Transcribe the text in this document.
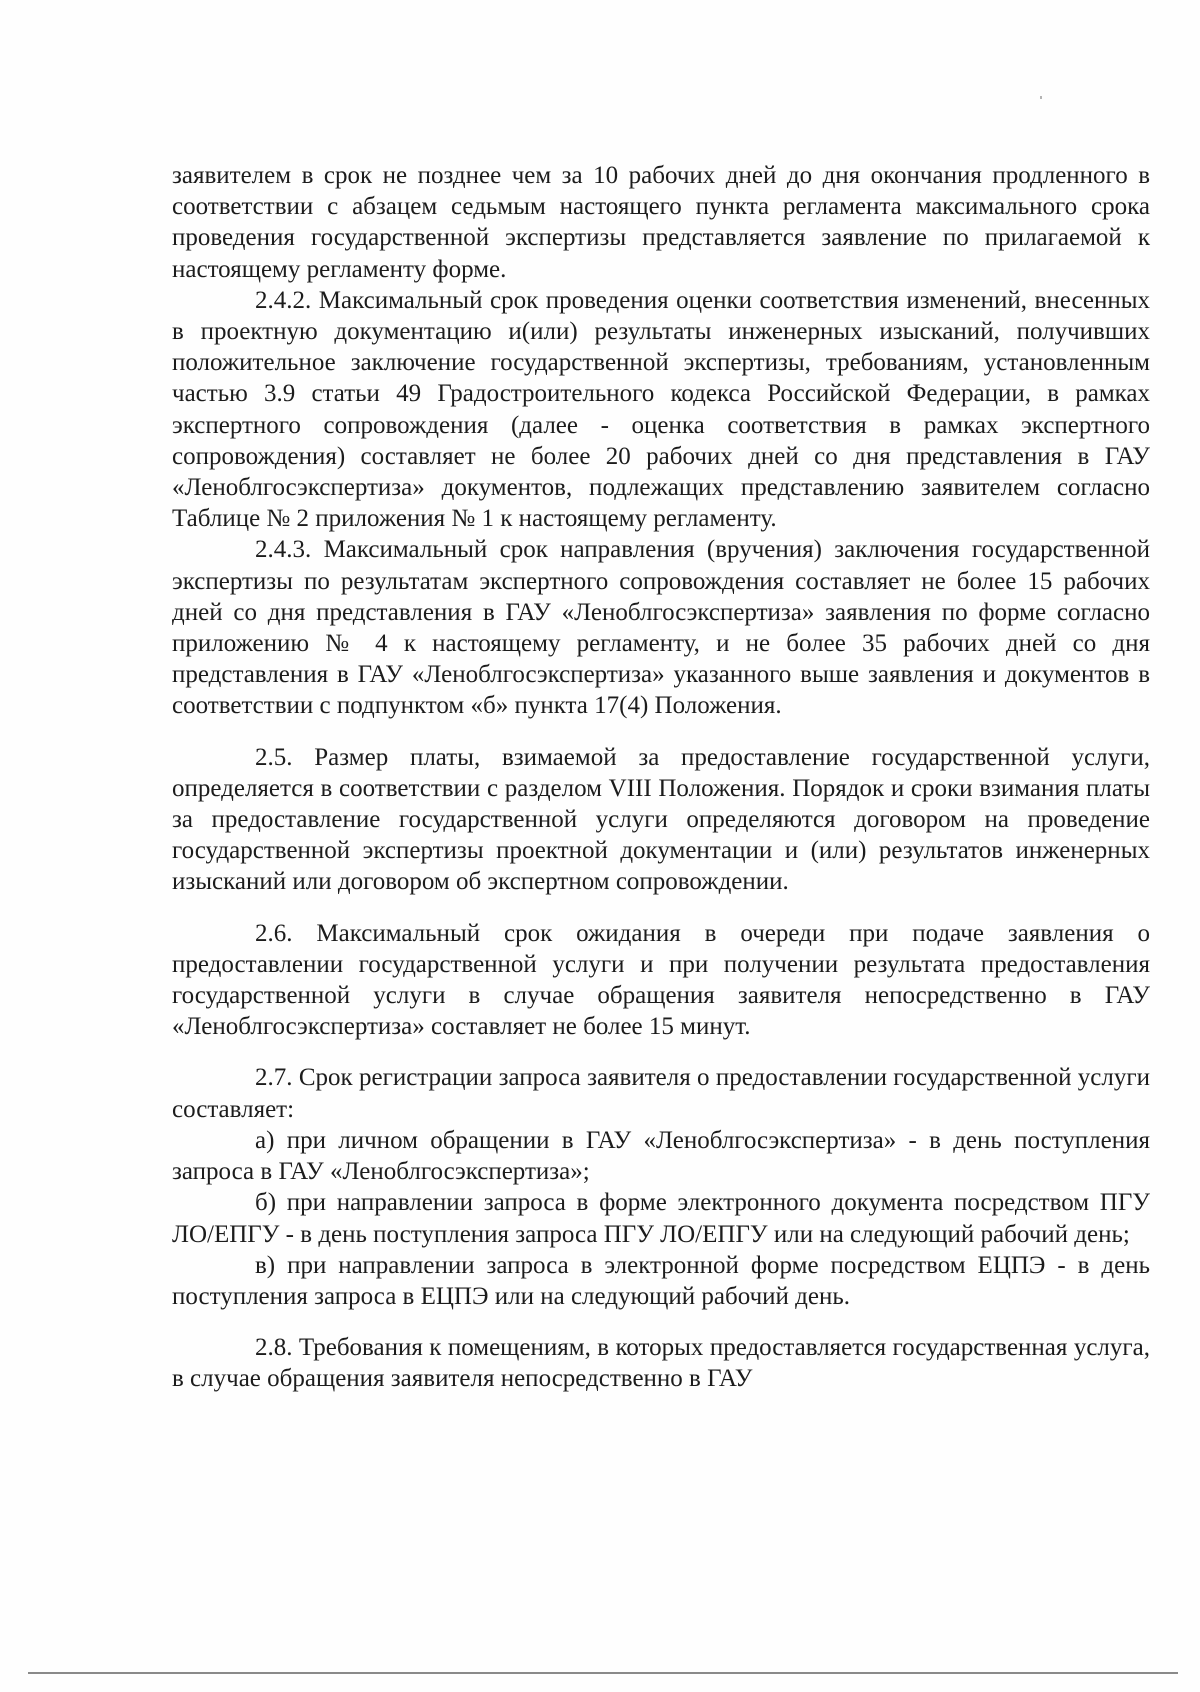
заявителем в срок не позднее чем за 10 рабочих дней до дня окончания продленного в соответствии с абзацем седьмым настоящего пункта регламента максимального срока проведения государственной экспертизы представляется заявление по прилагаемой к настоящему регламенту форме.

2.4.2. Максимальный срок проведения оценки соответствия изменений, внесенных в проектную документацию и(или) результаты инженерных изысканий, получивших положительное заключение государственной экспертизы, требованиям, установленным частью 3.9 статьи 49 Градостроительного кодекса Российской Федерации, в рамках экспертного сопровождения (далее - оценка соответствия в рамках экспертного сопровождения) составляет не более 20 рабочих дней со дня представления в ГАУ «Леноблгосэкспертиза» документов, подлежащих представлению заявителем согласно Таблице № 2 приложения № 1 к настоящему регламенту.

2.4.3. Максимальный срок направления (вручения) заключения государственной экспертизы по результатам экспертного сопровождения составляет не более 15 рабочих дней со дня представления в ГАУ «Леноблгосэкспертиза» заявления по форме согласно приложению № 4 к настоящему регламенту, и не более 35 рабочих дней со дня представления в ГАУ «Леноблгосэкспертиза» указанного выше заявления и документов в соответствии с подпунктом «б» пункта 17(4) Положения.

2.5. Размер платы, взимаемой за предоставление государственной услуги, определяется в соответствии с разделом VIII Положения. Порядок и сроки взимания платы за предоставление государственной услуги определяются договором на проведение государственной экспертизы проектной документации и (или) результатов инженерных изысканий или договором об экспертном сопровождении.

2.6. Максимальный срок ожидания в очереди при подаче заявления о предоставлении государственной услуги и при получении результата предоставления государственной услуги в случае обращения заявителя непосредственно в ГАУ «Леноблгосэкспертиза» составляет не более 15 минут.

2.7. Срок регистрации запроса заявителя о предоставлении государственной услуги составляет:

а) при личном обращении в ГАУ «Леноблгосэкспертиза» - в день поступления запроса в ГАУ «Леноблгосэкспертиза»;

б) при направлении запроса в форме электронного документа посредством ПГУ ЛО/ЕПГУ - в день поступления запроса ПГУ ЛО/ЕПГУ или на следующий рабочий день;

в) при направлении запроса в электронной форме посредством ЕЦПЭ - в день поступления запроса в ЕЦПЭ или на следующий рабочий день.

2.8. Требования к помещениям, в которых предоставляется государственная услуга, в случае обращения заявителя непосредственно в ГАУ
